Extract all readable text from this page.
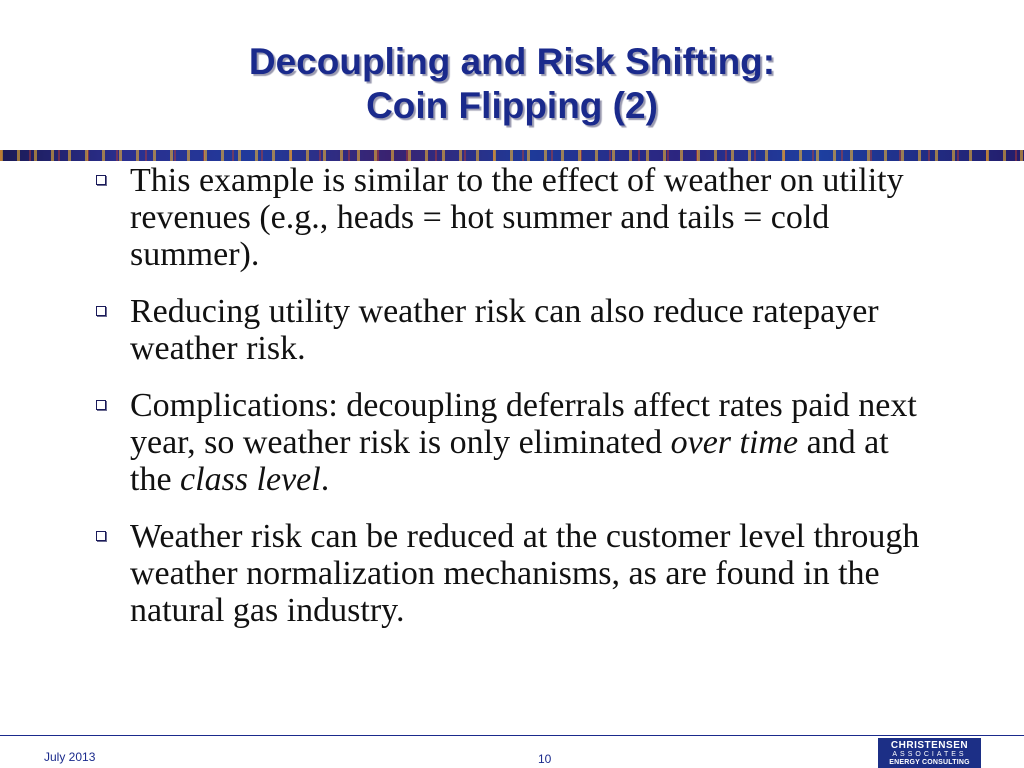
Decoupling and Risk Shifting:
Coin Flipping (2)
This example is similar to the effect of weather on utility revenues (e.g., heads = hot summer and tails = cold summer).
Reducing utility weather risk can also reduce ratepayer weather risk.
Complications: decoupling deferrals affect rates paid next year, so weather risk is only eliminated over time and at the class level.
Weather risk can be reduced at the customer level through weather normalization mechanisms, as are found in the natural gas industry.
July 2013	10
CHRISTENSEN
ASSOCIATES
ENERGY CONSULTING
